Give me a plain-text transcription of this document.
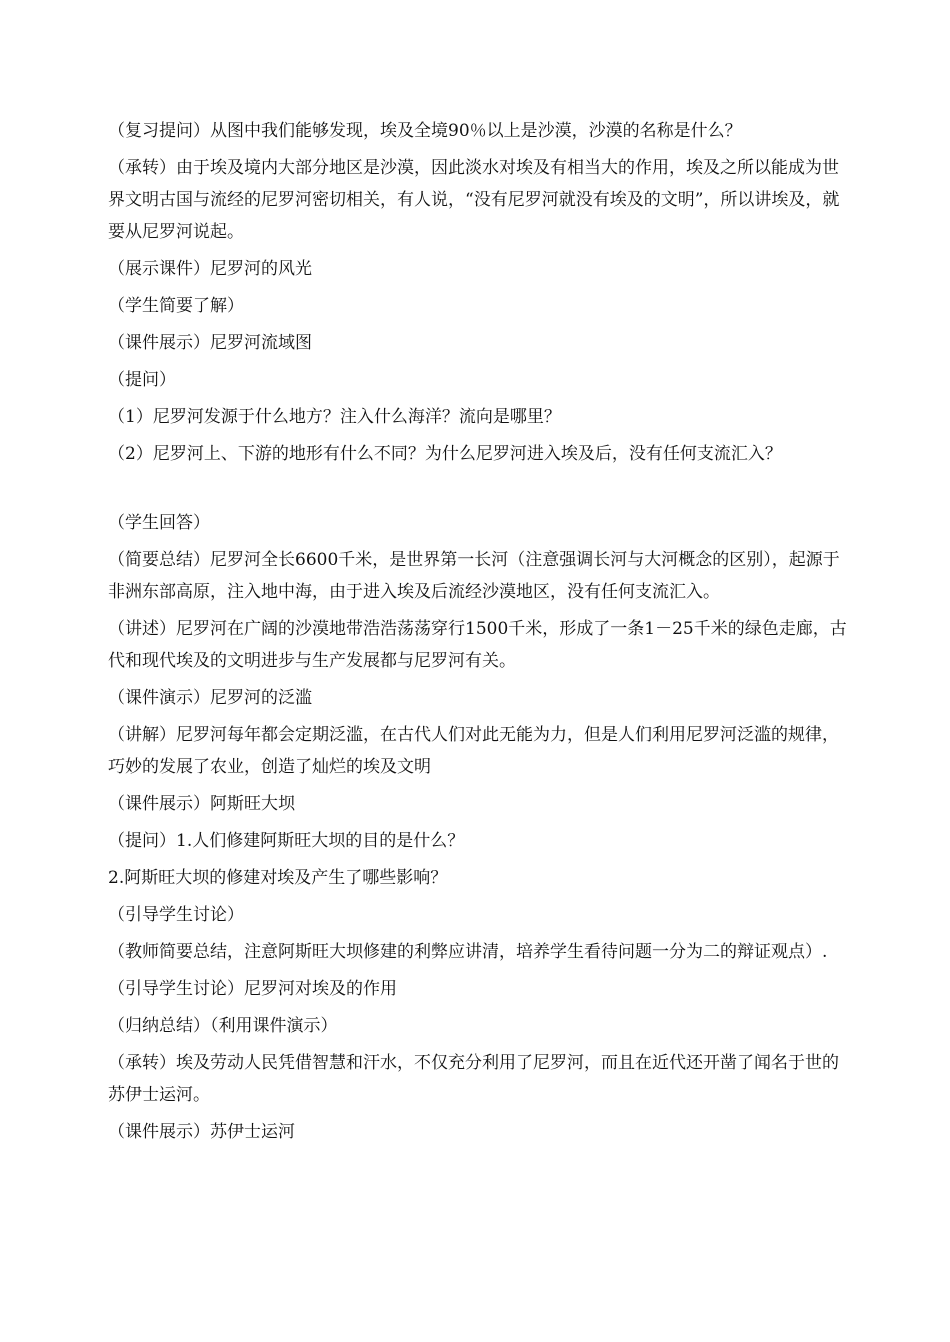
（复习提问）从图中我们能够发现，埃及全境90％以上是沙漠，沙漠的名称是什么？

（承转）由于埃及境内大部分地区是沙漠，因此淡水对埃及有相当大的作用，埃及之所以能成为世界文明古国与流经的尼罗河密切相关，有人说，“没有尼罗河就没有埃及的文明”，所以讲埃及，就要从尼罗河说起。

（展示课件）尼罗河的风光

（学生简要了解）

（课件展示）尼罗河流域图

（提问）

（1）尼罗河发源于什么地方？注入什么海洋？流向是哪里？

（2）尼罗河上、下游的地形有什么不同？为什么尼罗河进入埃及后，没有任何支流汇入？

（学生回答）

（简要总结）尼罗河全长6600千米，是世界第一长河（注意强调长河与大河概念的区别），起源于非洲东部高原，注入地中海，由于进入埃及后流经沙漠地区，没有任何支流汇入。

（讲述）尼罗河在广阔的沙漠地带浩浩荡荡穿行1500千米，形成了一条1－25千米的绿色走廊，古代和现代埃及的文明进步与生产发展都与尼罗河有关。

（课件演示）尼罗河的泛滥

（讲解）尼罗河每年都会定期泛滥，在古代人们对此无能为力，但是人们利用尼罗河泛滥的规律，巧妙的发展了农业，创造了灿烂的埃及文明

（课件展示）阿斯旺大坝

（提问）1.人们修建阿斯旺大坝的目的是什么？

2.阿斯旺大坝的修建对埃及产生了哪些影响？

（引导学生讨论）

（教师简要总结，注意阿斯旺大坝修建的利弊应讲清，培养学生看待问题一分为二的辩证观点）.

（引导学生讨论）尼罗河对埃及的作用

（归纳总结）（利用课件演示）

（承转）埃及劳动人民凭借智慧和汗水，不仅充分利用了尼罗河，而且在近代还开凿了闻名于世的苏伊士运河。

（课件展示）苏伊士运河
